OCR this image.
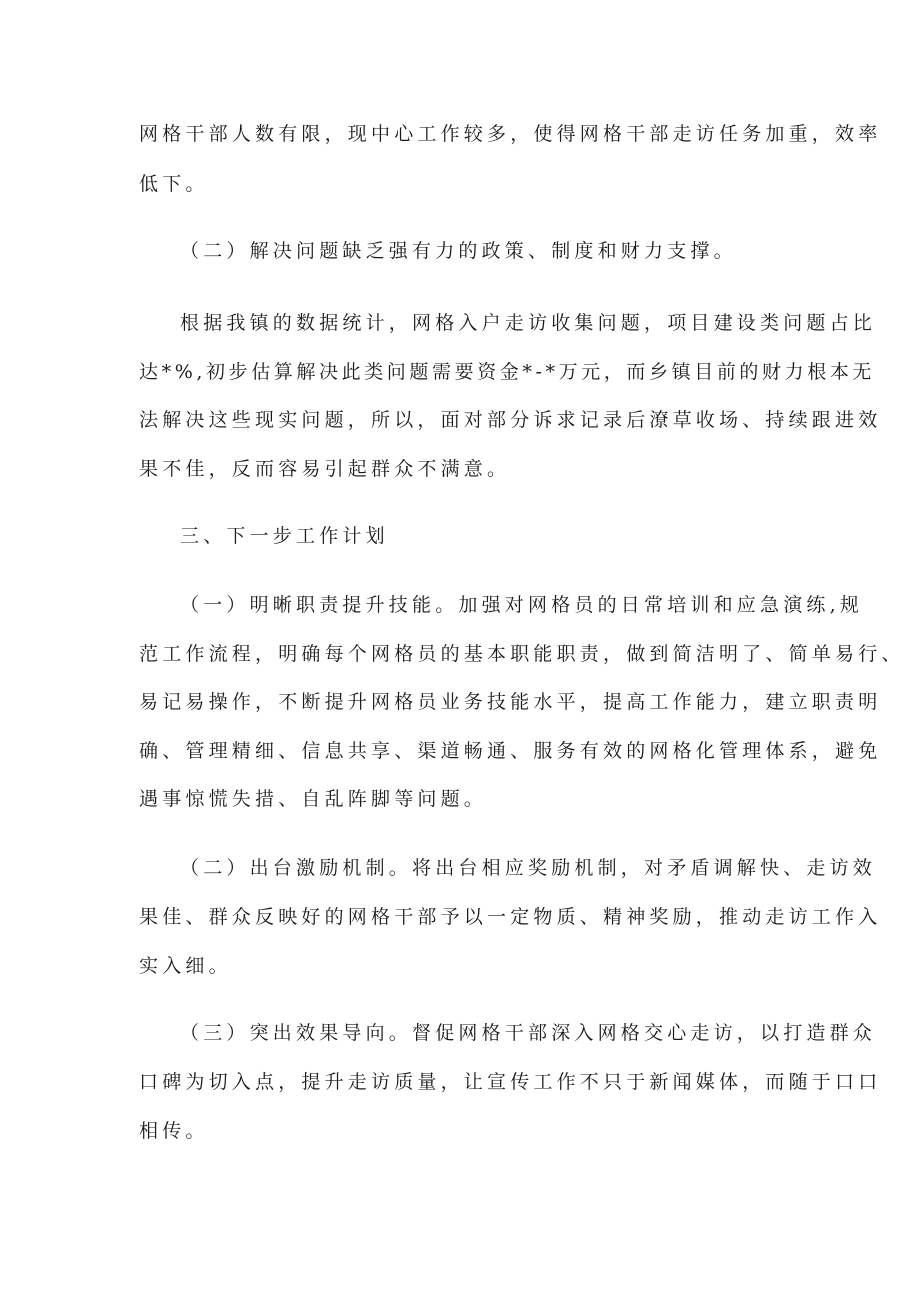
网格干部人数有限，现中心工作较多，使得网格干部走访任务加重，效率
低下。
（二）解决问题缺乏强有力的政策、制度和财力支撑。
根据我镇的数据统计，网格入户走访收集问题，项目建设类问题占比
达*%,初步估算解决此类问题需要资金*-*万元，而乡镇目前的财力根本无
法解决这些现实问题，所以，面对部分诉求记录后潦草收场、持续跟进效
果不佳，反而容易引起群众不满意。
三、下一步工作计划
（一）明晰职责提升技能。加强对网格员的日常培训和应急演练,规
范工作流程，明确每个网格员的基本职能职责，做到简洁明了、简单易行、
易记易操作，不断提升网格员业务技能水平，提高工作能力，建立职责明
确、管理精细、信息共享、渠道畅通、服务有效的网格化管理体系，避免
遇事惊慌失措、自乱阵脚等问题。
（二）出台激励机制。将出台相应奖励机制，对矛盾调解快、走访效
果佳、群众反映好的网格干部予以一定物质、精神奖励，推动走访工作入
实入细。
（三）突出效果导向。督促网格干部深入网格交心走访，以打造群众
口碑为切入点，提升走访质量，让宣传工作不只于新闻媒体，而随于口口
相传。
